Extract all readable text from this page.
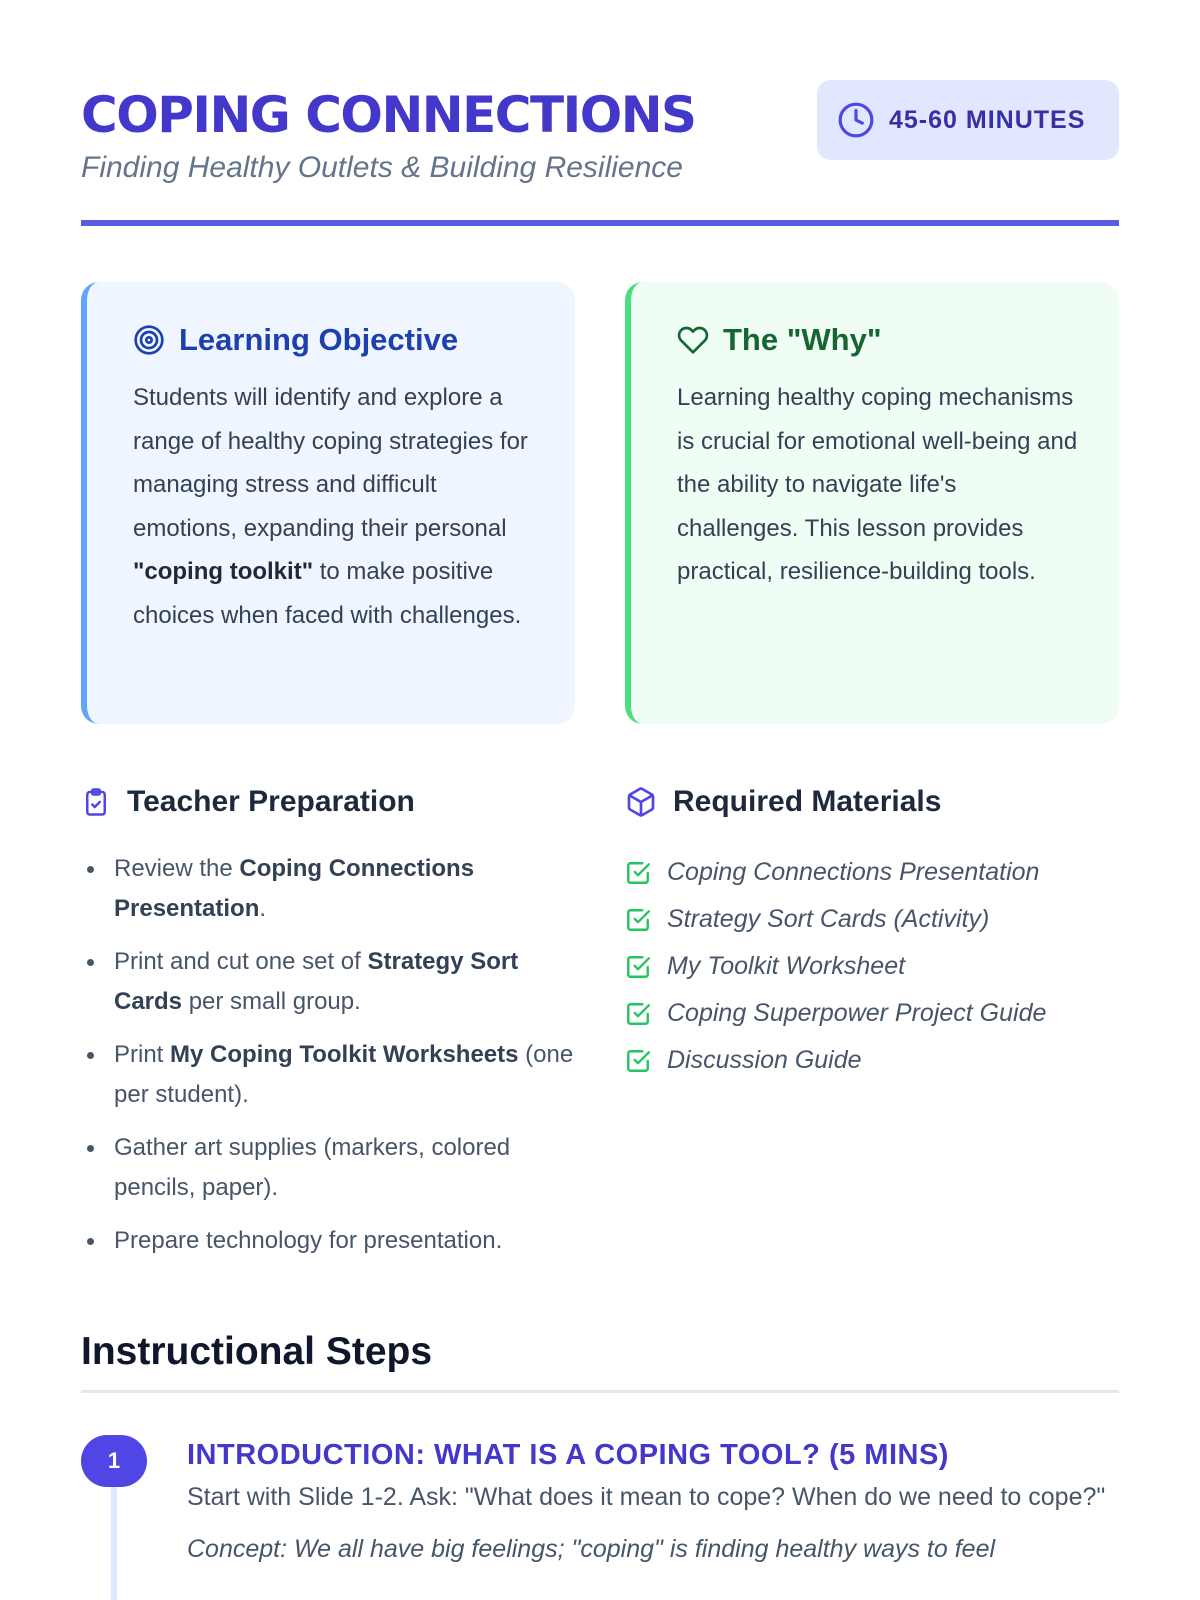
COPING CONNECTIONS
Finding Healthy Outlets & Building Resilience
45-60 MINUTES
Learning Objective

Students will identify and explore a range of healthy coping strategies for managing stress and difficult emotions, expanding their personal "coping toolkit" to make positive choices when faced with challenges.

The "Why"

Learning healthy coping mechanisms is crucial for emotional well-being and the ability to navigate life's challenges. This lesson provides practical, resilience-building tools.

Teacher Preparation
Review the Coping Connections Presentation.
Print and cut one set of Strategy Sort Cards per small group.
Print My Coping Toolkit Worksheets (one per student).
Gather art supplies (markers, colored pencils, paper).
Prepare technology for presentation.
Required Materials
Coping Connections Presentation
Strategy Sort Cards (Activity)
My Toolkit Worksheet
Coping Superpower Project Guide
Discussion Guide
Instructional Steps
1	INTRODUCTION: WHAT IS A COPING TOOL? (5 MINS)

Start with Slide 1-2. Ask: "What does it mean to cope? When do we need to cope?"

Concept: We all have big feelings; "coping" is finding healthy ways to feel
